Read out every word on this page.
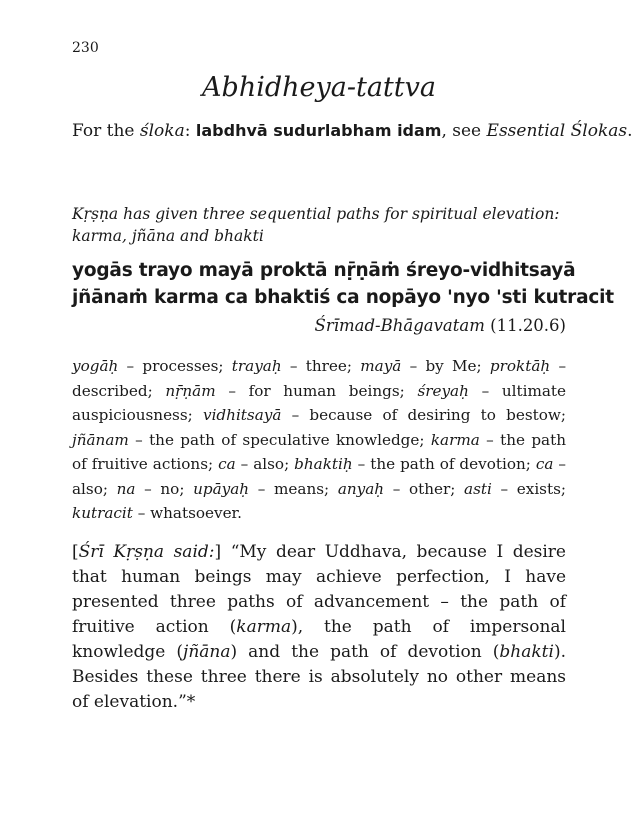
230
Abhidheya-tattva
For the śloka: labdhvā sudurlabham idam, see Essential Ślokas.
Kṛṣṇa has given three sequential paths for spiritual elevation: karma, jñāna and bhakti
yogās trayo mayā proktā nṝṇāṁ śreyo-vidhitsayā
jñānaṁ karma ca bhaktiś ca nopāyo 'nyo 'sti kutracit
Śrīmad-Bhāgavatam (11.20.6)
yogāḥ – processes; trayaḥ – three; mayā – by Me; proktāḥ – described; nṝṇām – for human beings; śreyaḥ – ultimate auspiciousness; vidhitsayā – because of desiring to bestow; jñānam – the path of speculative knowledge; karma – the path of fruitive actions; ca – also; bhaktiḥ – the path of devotion; ca – also; na – no; upāyaḥ – means; anyaḥ – other; asti – exists; kutracit – whatsoever.
[Śrī Kṛṣṇa said:] “My dear Uddhava, because I desire that human beings may achieve perfection, I have presented three paths of advancement – the path of fruitive action (karma), the path of impersonal knowledge (jñāna) and the path of devotion (bhakti). Besides these three there is absolutely no other means of elevation.”*
